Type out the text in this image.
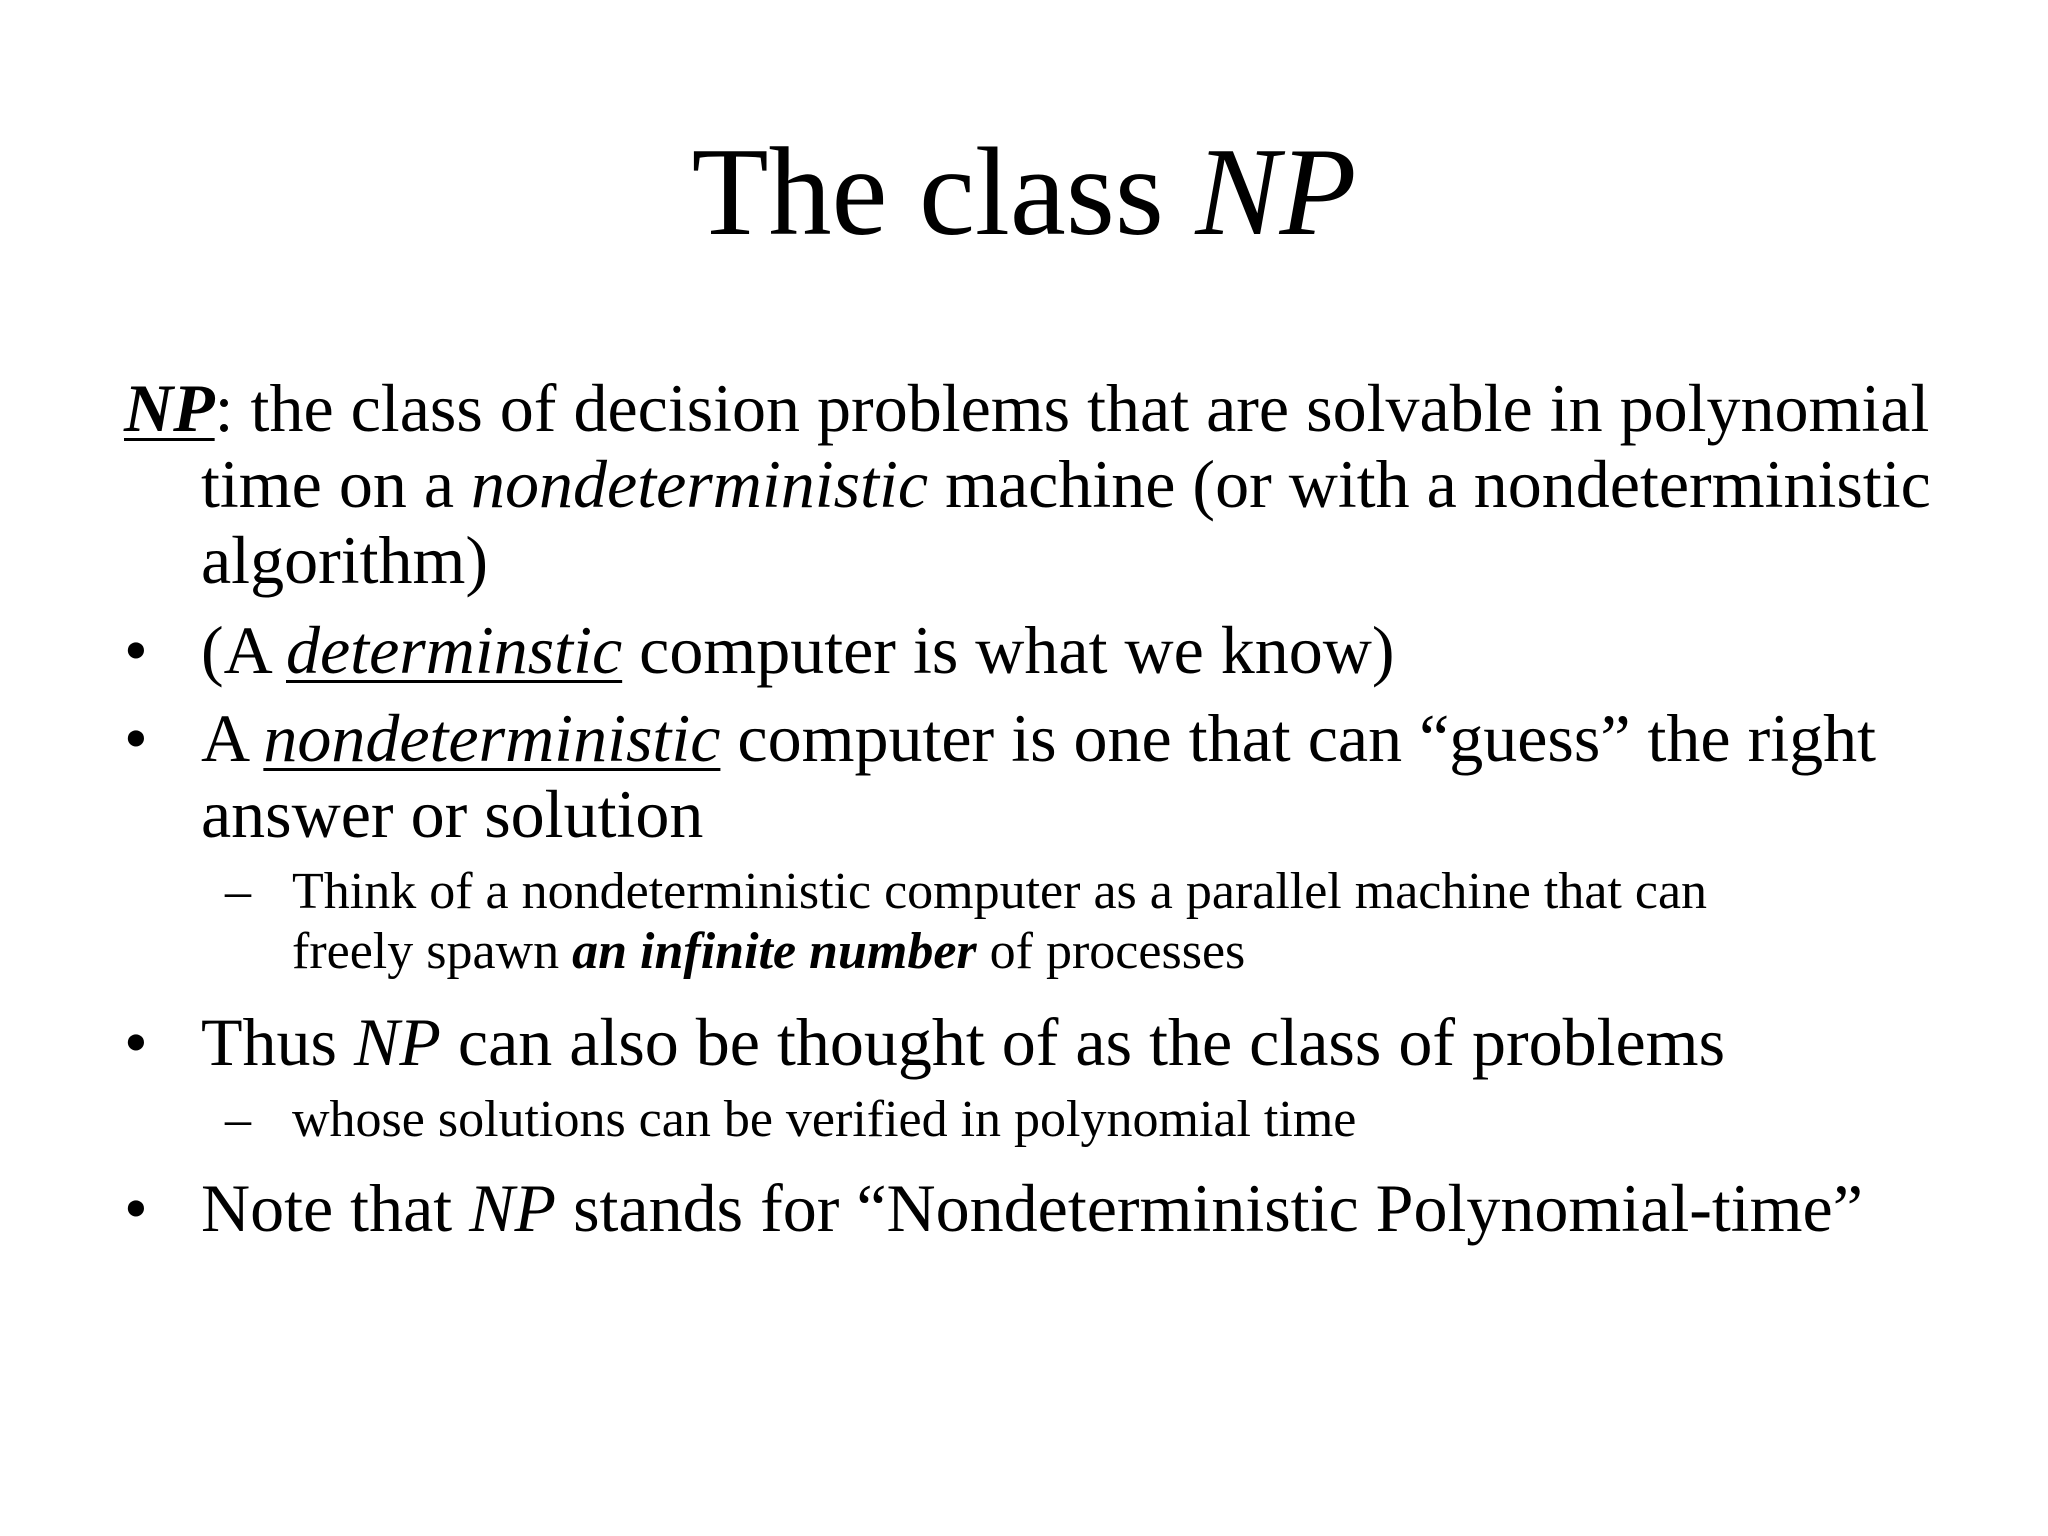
The class NP
NP: the class of decision problems that are solvable in polynomial
time on a nondeterministic machine (or with a nondeterministic
algorithm)
• (A determinstic computer is what we know)
• A nondeterministic computer is one that can “guess” the right
answer or solution
– Think of a nondeterministic computer as a parallel machine that can
freely spawn an infinite number of processes
• Thus NP can also be thought of as the class of problems
– whose solutions can be verified in polynomial time
• Note that NP stands for “Nondeterministic Polynomial-time”
